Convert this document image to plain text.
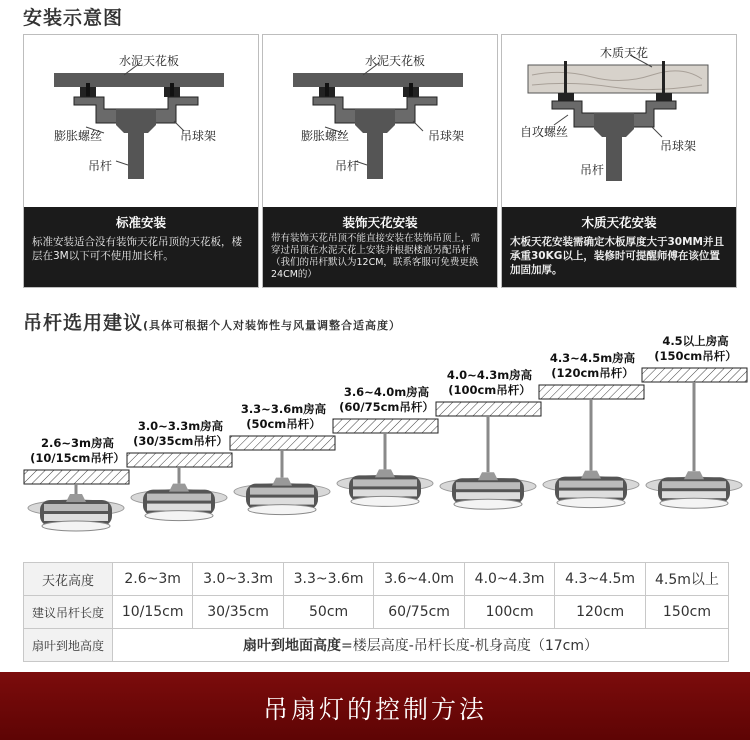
安装示意图
水泥天花板
膨胀螺丝	吊球架
吊杆
标准安装
标准安装适合没有装饰天花吊顶的天花板，楼层在3M以下可不使用加长杆。
水泥天花板
膨胀螺丝	吊球架
吊杆
装饰天花安装
带有装饰天花吊顶不能直接安装在装饰吊顶上，需穿过吊顶在水泥天花上安装并根据楼高另配吊杆（我们的吊杆默认为12CM，联系客服可免费更换24CM的）
木质天花
自攻螺丝
吊球架
吊杆
木质天花安装
木板天花安装需确定木板厚度大于30MM并且承重30KG以上，装修时可提醒师傅在该位置加固加厚。
吊杆选用建议(具体可根据个人对装饰性与风量调整合适高度）
2.6~3m房高
(10/15cm吊杆）
3.0~3.3m房高
(30/35cm吊杆）
3.3~3.6m房高
(50cm吊杆）
3.6~4.0m房高
(60/75cm吊杆）
4.0~4.3m房高
(100cm吊杆）
4.3~4.5m房高
(120cm吊杆）
4.5以上房高
(150cm吊杆）
天花高度	2.6~3m	3.0~3.3m	3.3~3.6m	3.6~4.0m	4.0~4.3m	4.3~4.5m	4.5m以上
建议吊杆长度	10/15cm	30/35cm	50cm	60/75cm	100cm	120cm	150cm
扇叶到地高度	扇叶到地面高度=楼层高度-吊杆长度-机身高度（17cm）						
吊扇灯的控制方法
